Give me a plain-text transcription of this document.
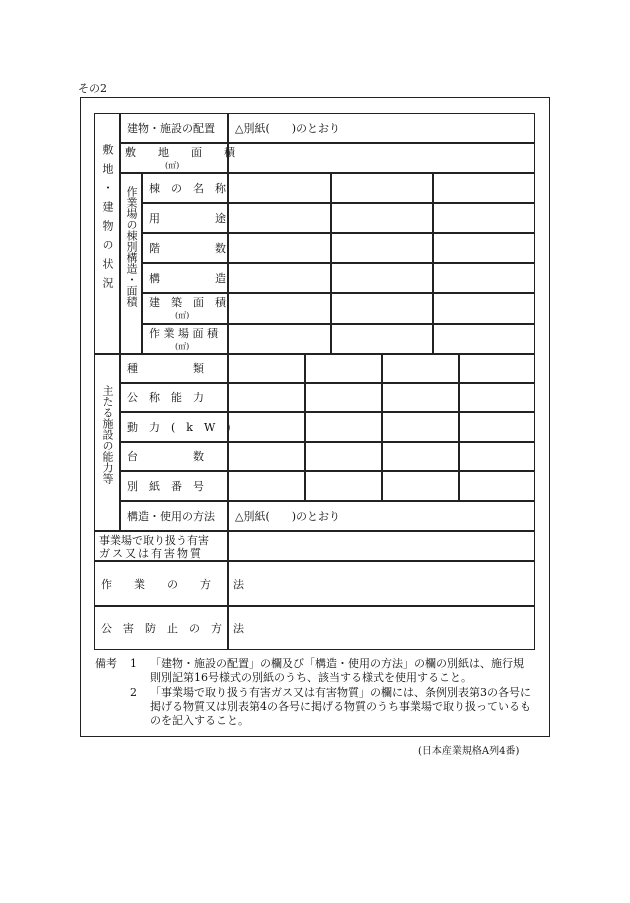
その2
敷地・建物の状況
建物・施設の配置 △別紙(　　)のとおり
敷　　地　　面　　積
(㎡)
作業場の棟別構造・面積 棟　の　名　称
用　　　　　途
階　　　　　数
構　　　　　造
建　築　面　積
(㎡)
作 業 場 面 積
(㎡)
主たる施設の能力等
種　　　　　類
公　称　能　力
動　力　(　k　W　)
台　　　　　数
別　紙　番　号
構造・使用の方法 △別紙(　　)のとおり
事業場で取り扱う有害
ガス又は有害物質
作　　業　　の　　方　　法
公　害　防　止　の　方　法
備考 1 「建物・施設の配置」の欄及び「構造・使用の方法」の欄の別紙は、施行規
則別記第16号様式の別紙のうち、該当する様式を使用すること。
2 「事業場で取り扱う有害ガス又は有害物質」の欄には、条例別表第3の各号に
掲げる物質又は別表第4の各号に掲げる物質のうち事業場で取り扱っているも
のを記入すること。
(日本産業規格A列4番)
